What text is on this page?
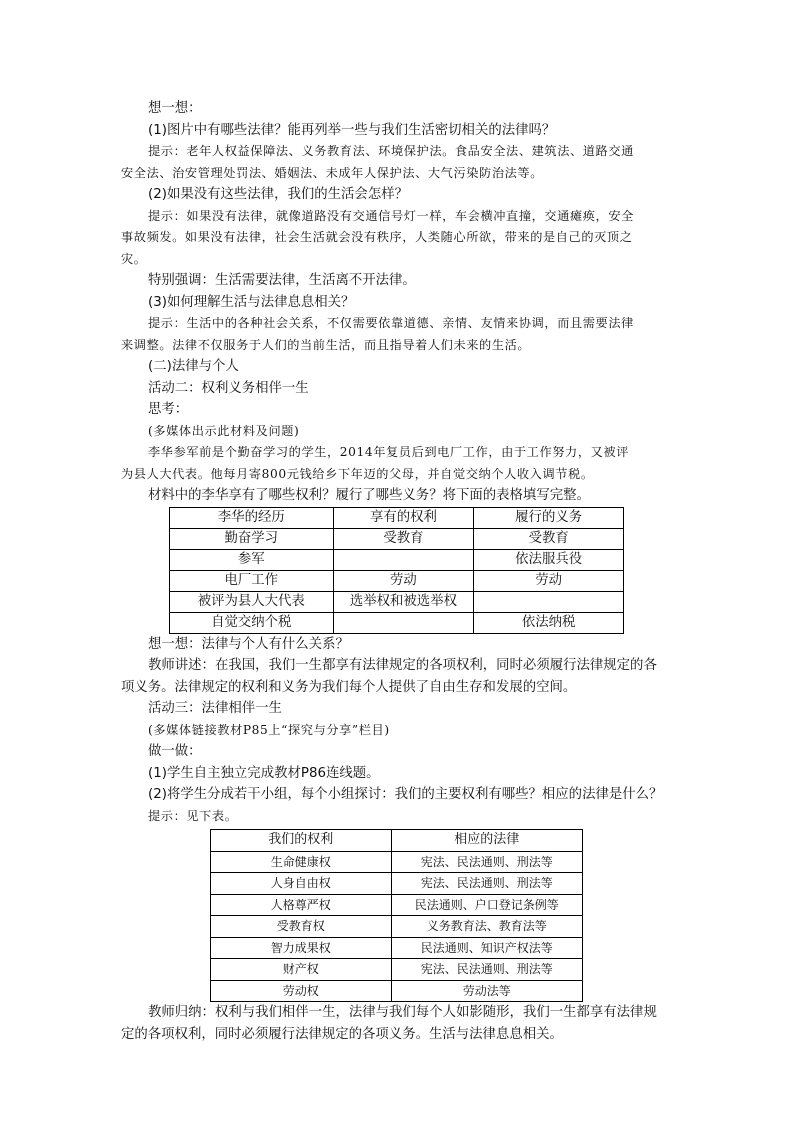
想一想：

(1)图片中有哪些法律？能再列举一些与我们生活密切相关的法律吗？

提示：老年人权益保障法、义务教育法、环境保护法。食品安全法、建筑法、道路交通

安全法、治安管理处罚法、婚姻法、未成年人保护法、大气污染防治法等。

(2)如果没有这些法律，我们的生活会怎样？

提示：如果没有法律，就像道路没有交通信号灯一样，车会横冲直撞，交通瘫痪，安全

事故频发。如果没有法律，社会生活就会没有秩序，人类随心所欲，带来的是自己的灭顶之

灾。

特别强调：生活需要法律，生活离不开法律。

(3)如何理解生活与法律息息相关？

提示：生活中的各种社会关系，不仅需要依靠道德、亲情、友情来协调，而且需要法律

来调整。法律不仅服务于人们的当前生活，而且指导着人们未来的生活。

(二)法律与个人

活动二：权利义务相伴一生

思考：

(多媒体出示此材料及问题)

李华参军前是个勤奋学习的学生，2014年复员后到电厂工作，由于工作努力，又被评

为县人大代表。他每月寄800元钱给乡下年迈的父母，并自觉交纳个人收入调节税。

材料中的李华享有了哪些权利？履行了哪些义务？将下面的表格填写完整。

李华的经历	享有的权利	履行的义务
勤奋学习	受教育	受教育
参军		依法服兵役
电厂工作	劳动	劳动
被评为县人大代表	选举权和被选举权	
自觉交纳个税		依法纳税

想一想：法律与个人有什么关系？

教师讲述：在我国，我们一生都享有法律规定的各项权利，同时必须履行法律规定的各

项义务。法律规定的权利和义务为我们每个人提供了自由生存和发展的空间。

活动三：法律相伴一生

(多媒体链接教材P85上“探究与分享”栏目)

做一做：

(1)学生自主独立完成教材P86连线题。

(2)将学生分成若干小组，每个小组探讨：我们的主要权利有哪些？相应的法律是什么？

提示：见下表。

我们的权利	相应的法律
生命健康权	宪法、民法通则、刑法等
人身自由权	宪法、民法通则、刑法等
人格尊严权	民法通则、户口登记条例等
受教育权	义务教育法、教育法等
智力成果权	民法通则、知识产权法等
财产权	宪法、民法通则、刑法等
劳动权	劳动法等

教师归纳：权利与我们相伴一生，法律与我们每个人如影随形，我们一生都享有法律规

定的各项权利，同时必须履行法律规定的各项义务。生活与法律息息相关。
